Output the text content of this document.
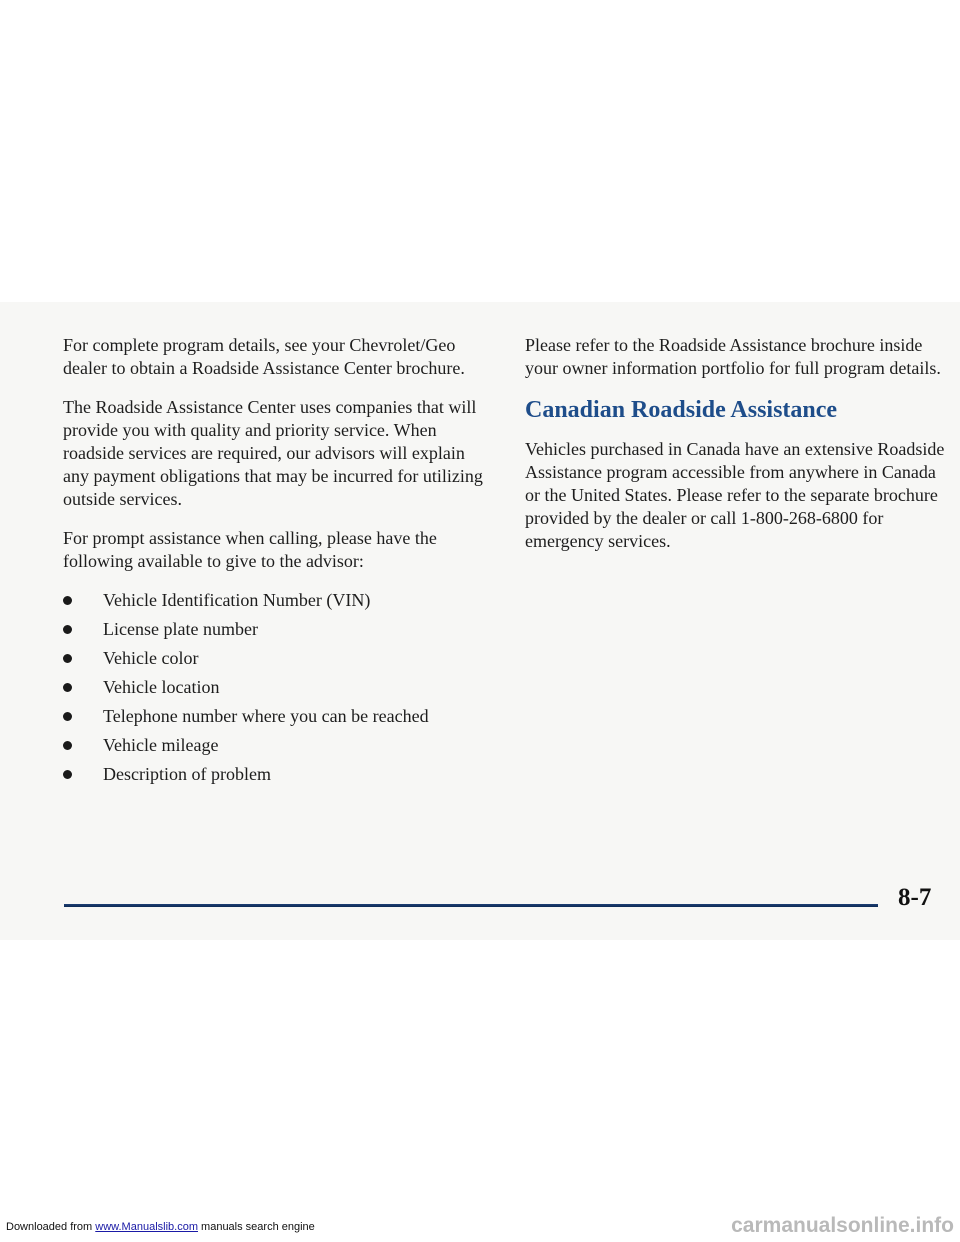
For complete program details, see your Chevrolet/Geo dealer to obtain a Roadside Assistance Center brochure.

The Roadside Assistance Center uses companies that will provide you with quality and priority service. When roadside services are required, our advisors will explain any payment obligations that may be incurred for utilizing outside services.

For prompt assistance when calling, please have the following available to give to the advisor:

Vehicle Identification Number (VIN)
License plate number
Vehicle color
Vehicle location
Telephone number where you can be reached
Vehicle mileage
Description of problem

Please refer to the Roadside Assistance brochure inside your owner information portfolio for full program details.

Canadian Roadside Assistance

Vehicles purchased in Canada have an extensive Roadside Assistance program accessible from anywhere in Canada or the United States. Please refer to the separate brochure provided by the dealer or call 1-800-268-6800 for emergency services.

8-7
Downloaded from www.Manualslib.com manuals search engine	carmanualsonline.info
